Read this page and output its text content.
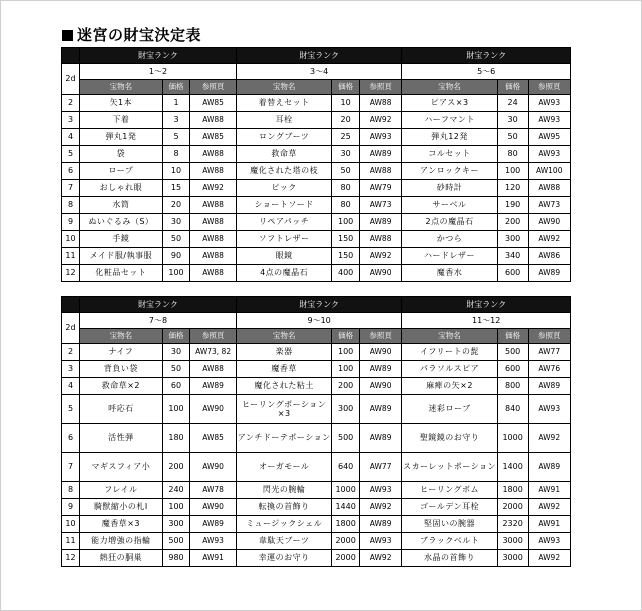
迷宮の財宝決定表
	財宝ランク			財宝ランク			財宝ランク		
2d	1～2			3～4			5～6		
	宝物名	価格	参照頁	宝物名	価格	参照頁	宝物名	価格	参照頁
2	矢1本	1	AW85	着替えセット	10	AW88	ピアス×3	24	AW93
3	下着	3	AW88	耳栓	20	AW92	ハーフマント	30	AW93
4	弾丸1発	5	AW85	ロングブーツ	25	AW93	弾丸12発	50	AW95
5	袋	8	AW88	救命草	30	AW89	コルセット	80	AW93
6	ロープ	10	AW88	魔化された塔の枝	50	AW88	アンロックキー	100	AW100
7	おしゃれ眼	15	AW92	ピック	80	AW79	砂時計	120	AW88
8	水筒	20	AW88	ショートソード	80	AW73	サーベル	190	AW73
9	ぬいぐるみ（S）	30	AW88	リペアパッチ	100	AW89	2点の魔晶石	200	AW90
10	手鏡	50	AW88	ソフトレザー	150	AW88	かつら	300	AW92
11	メイド服/執事服	90	AW88	眼鏡	150	AW92	ハードレザー	340	AW86
12	化粧品セット	100	AW88	4点の魔晶石	400	AW90	魔香水	600	AW89
	財宝ランク			財宝ランク			財宝ランク		
2d	7～8			9～10			11～12		
	宝物名	価格	参照頁	宝物名	価格	参照頁	宝物名	価格	参照頁
2	ナイフ	30	AW73, 82	楽器	100	AW90	イフリートの髭	500	AW77
3	背負い袋	50	AW88	魔香草	100	AW89	パラソルスピア	600	AW76
4	救命草×2	60	AW89	魔化された粘土	200	AW90	麻痺の矢×2	800	AW89
5	呼応石	100	AW90	ヒーリングポーション×3	300	AW89	迷彩ローブ	840	AW93
6	活性弾	180	AW85	アンチドーテポーション	500	AW89	聖鏡鏡のお守り	1000	AW92
7	マギスフィア小	200	AW90	オーガモール	640	AW77	スカーレットポーション	1400	AW89
8	フレイル	240	AW78	閃光の腕輪	1000	AW93	ヒーリングボム	1800	AW91
9	騎獣縮小の札Ⅰ	100	AW90	転換の首飾り	1440	AW92	ゴールデン耳栓	2000	AW92
10	魔香草×3	300	AW89	ミュージックシェル	1800	AW89	堅固いの腕器	2320	AW91
11	能力増強の指輪	500	AW93	韋駄天ブーツ	2000	AW93	ブラックベルト	3000	AW93
12	熱狂の胴巣	980	AW91	幸運のお守り	2000	AW92	水晶の首飾り	3000	AW92
